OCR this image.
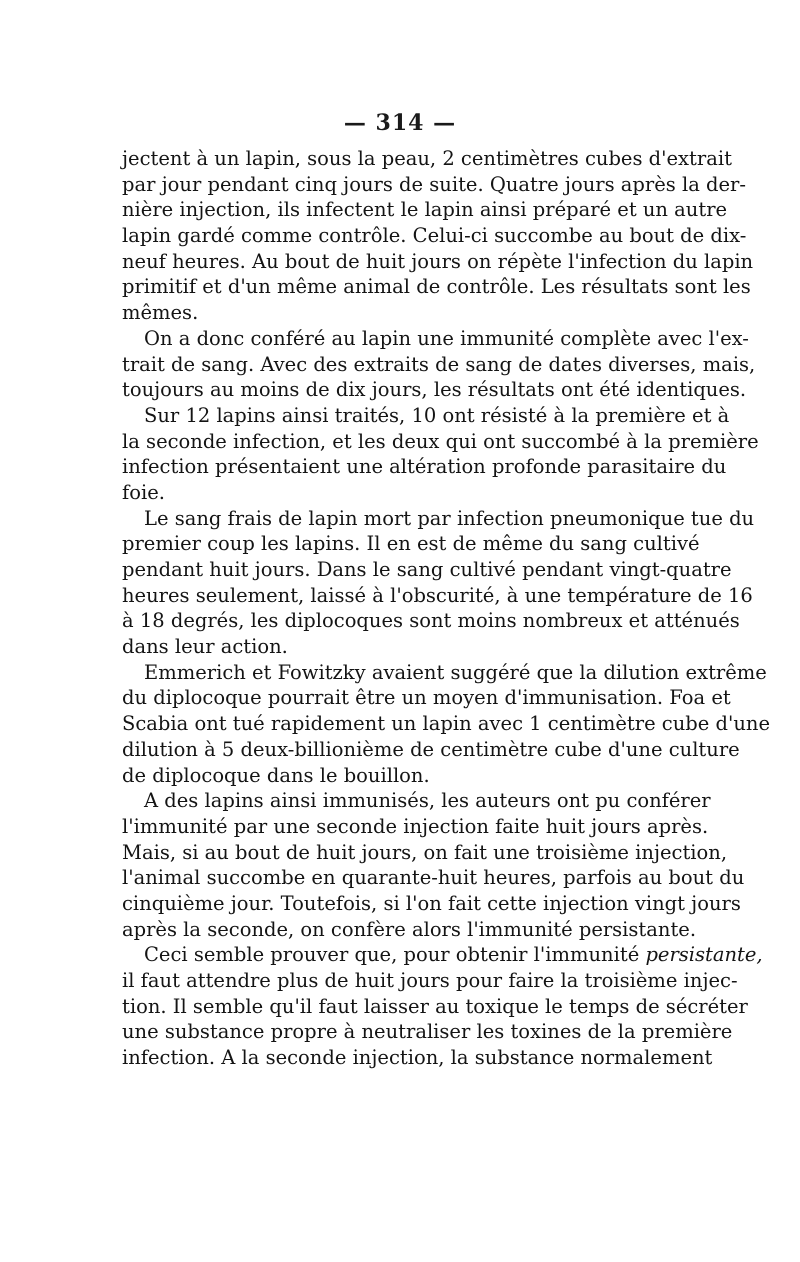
— 314 —
jectent à un lapin, sous la peau, 2 centimètres cubes d'extrait
par jour pendant cinq jours de suite. Quatre jours après la der-
nière injection, ils infectent le lapin ainsi préparé et un autre
lapin gardé comme contrôle. Celui-ci succombe au bout de dix-
neuf heures. Au bout de huit jours on répète l'infection du lapin
primitif et d'un même animal de contrôle. Les résultats sont les
mêmes.
On a donc conféré au lapin une immunité complète avec l'ex-
trait de sang. Avec des extraits de sang de dates diverses, mais,
toujours au moins de dix jours, les résultats ont été identiques.
Sur 12 lapins ainsi traités, 10 ont résisté à la première et à
la seconde infection, et les deux qui ont succombé à la première
infection présentaient une altération profonde parasitaire du
foie.
Le sang frais de lapin mort par infection pneumonique tue du
premier coup les lapins. Il en est de même du sang cultivé
pendant huit jours. Dans le sang cultivé pendant vingt-quatre
heures seulement, laissé à l'obscurité, à une température de 16
à 18 degrés, les diplocoques sont moins nombreux et atténués
dans leur action.
Emmerich et Fowitzky avaient suggéré que la dilution extrême
du diplocoque pourrait être un moyen d'immunisation. Foa et
Scabia ont tué rapidement un lapin avec 1 centimètre cube d'une
dilution à 5 deux-billionième de centimètre cube d'une culture
de diplocoque dans le bouillon.
A des lapins ainsi immunisés, les auteurs ont pu conférer
l'immunité par une seconde injection faite huit jours après.
Mais, si au bout de huit jours, on fait une troisième injection,
l'animal succombe en quarante-huit heures, parfois au bout du
cinquième jour. Toutefois, si l'on fait cette injection vingt jours
après la seconde, on confère alors l'immunité persistante.
Ceci semble prouver que, pour obtenir l'immunité persistante,
il faut attendre plus de huit jours pour faire la troisième injec-
tion. Il semble qu'il faut laisser au toxique le temps de sécréter
une substance propre à neutraliser les toxines de la première
infection. A la seconde injection, la substance normalement
